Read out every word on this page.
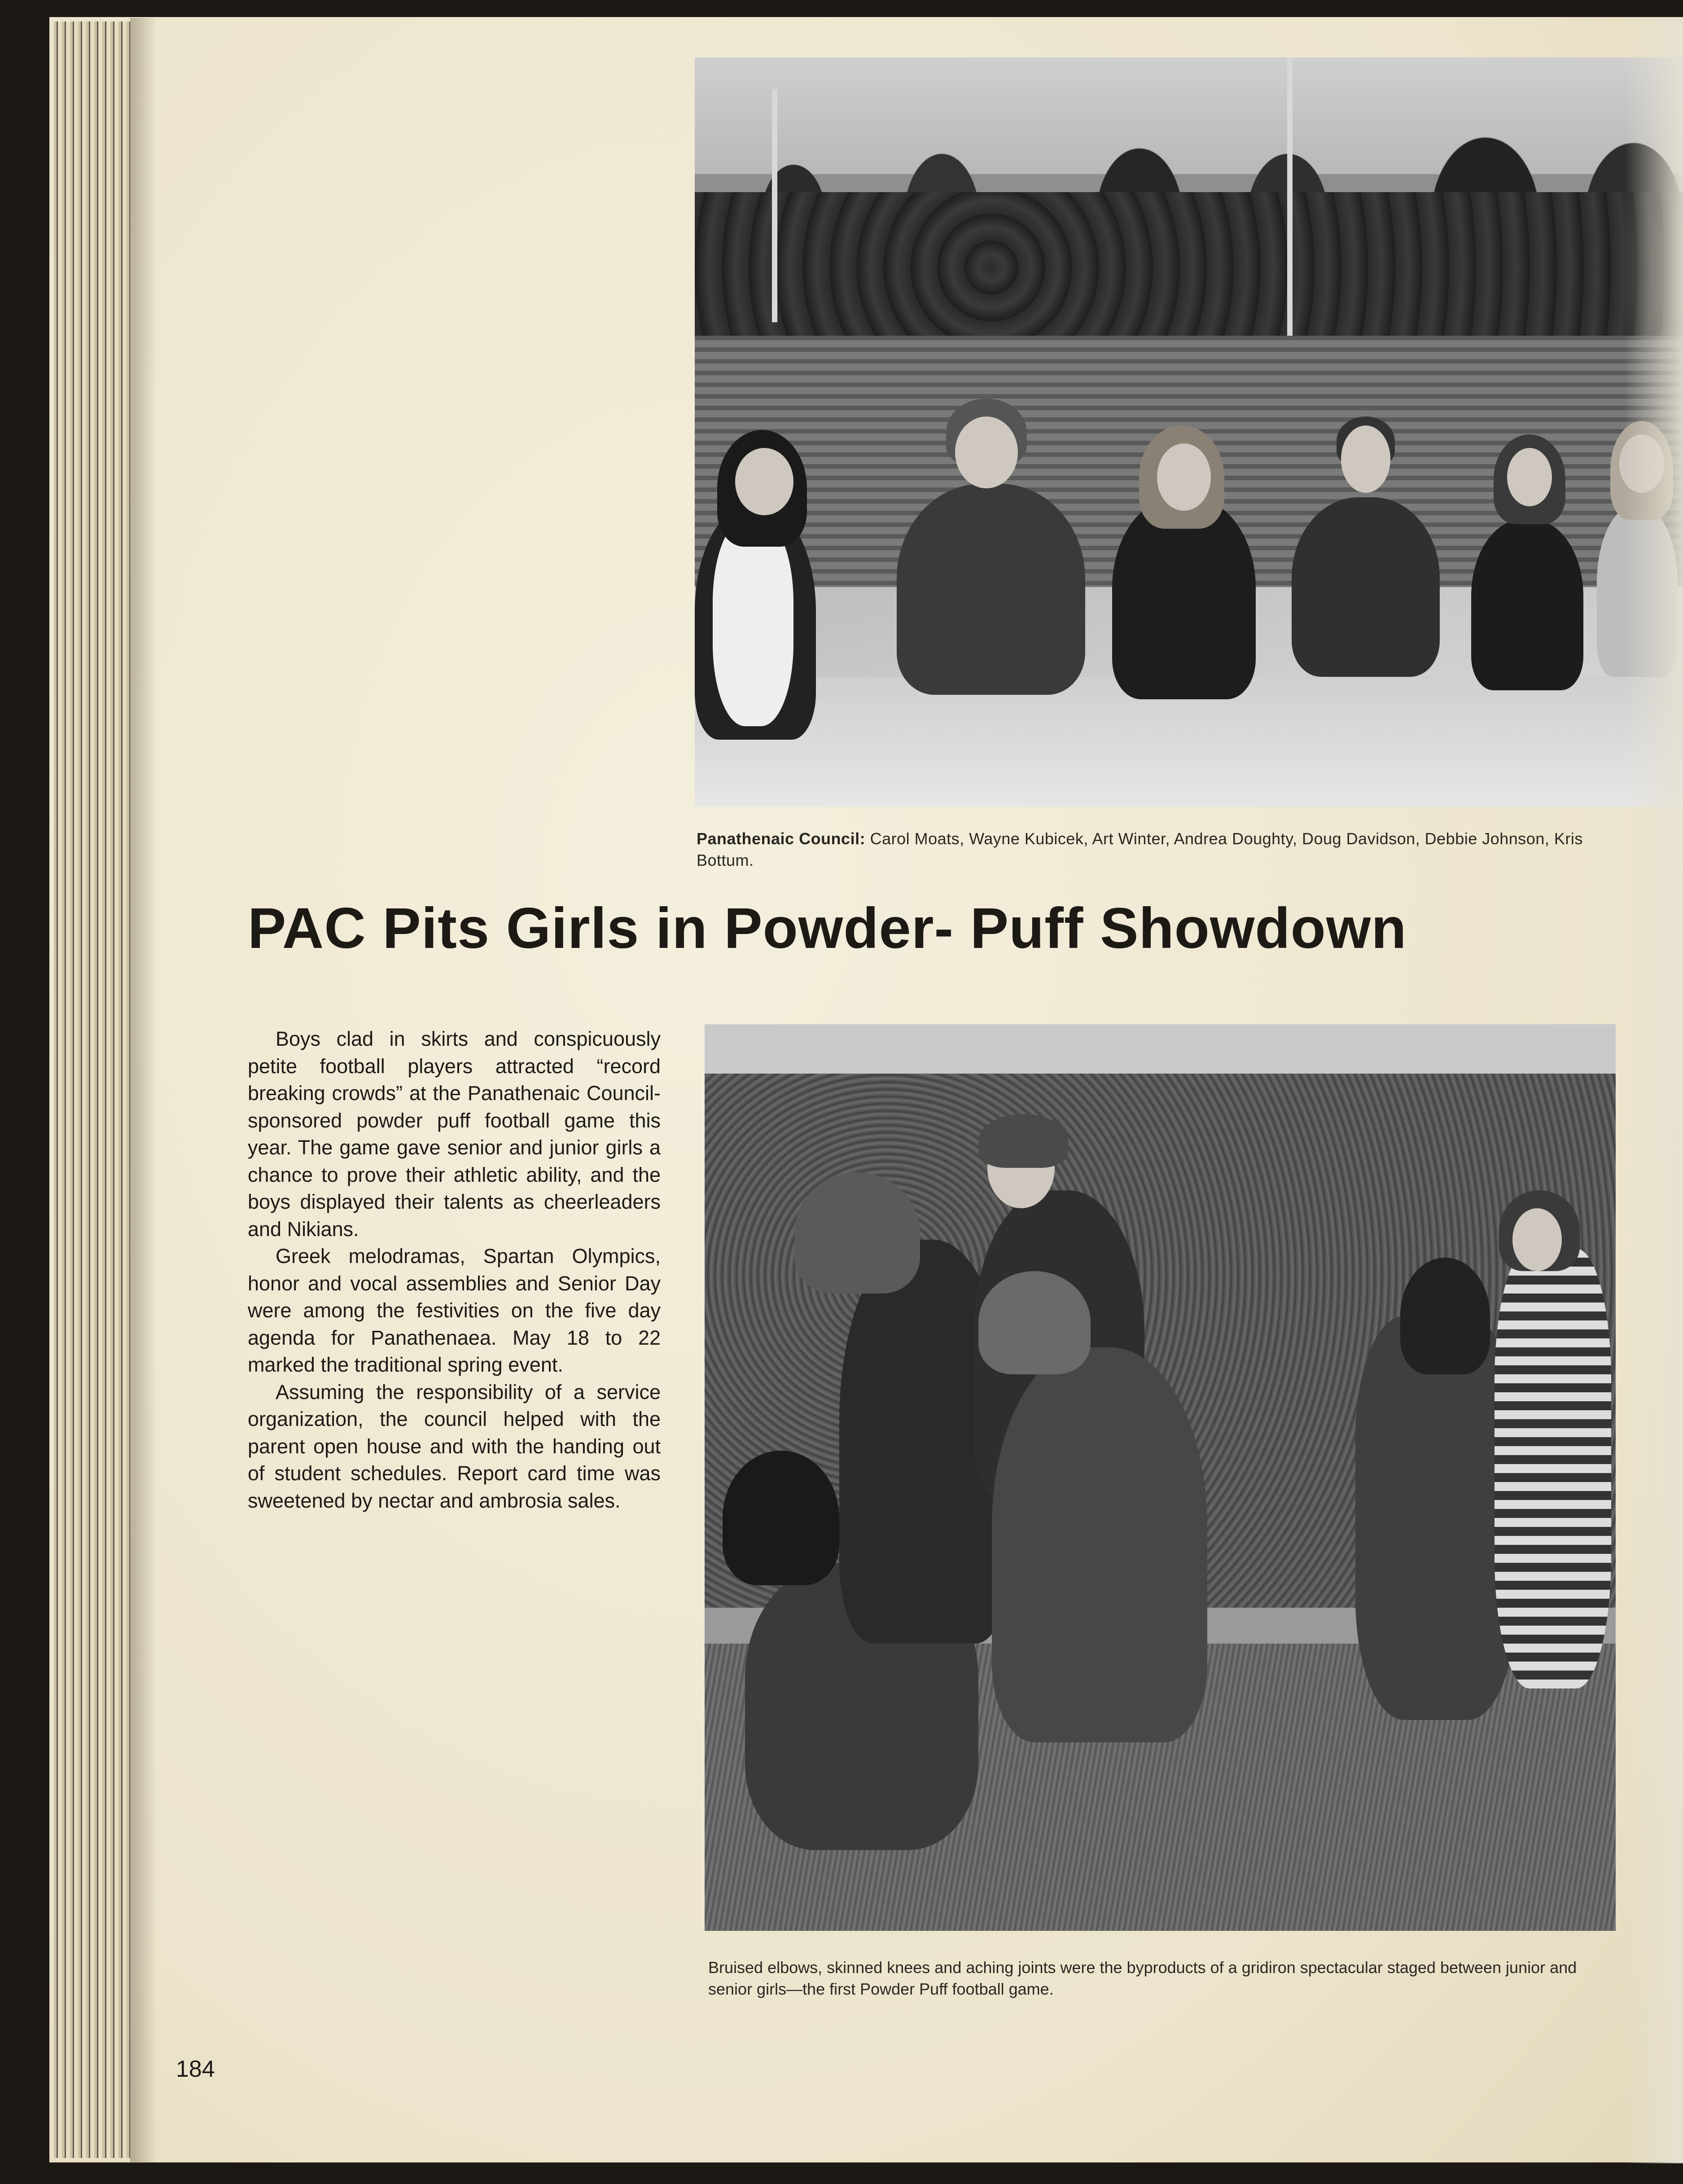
Panathenaic Council: Carol Moats, Wayne Kubicek, Art Winter, Andrea Doughty, Doug Davidson, Debbie Johnson, Kris Bottum.
PAC Pits Girls in Powder- Puff Showdown

Boys clad in skirts and conspicuously petite football players attracted “record breaking crowds” at the Panathenaic Council-sponsored powder puff football game this year. The game gave senior and junior girls a chance to prove their athletic ability, and the boys displayed their talents as cheerleaders and Nikians.

Greek melodramas, Spartan Olympics, honor and vocal assemblies and Senior Day were among the festivities on the five day agenda for Panathenaea. May 18 to 22 marked the traditional spring event.

Assuming the responsibility of a service organization, the council helped with the parent open house and with the handing out of student schedules. Report card time was sweetened by nectar and ambrosia sales.

Bruised elbows, skinned knees and aching joints were the byproducts of a gridiron spectacular staged between junior and senior girls—the first Powder Puff football game.
184
